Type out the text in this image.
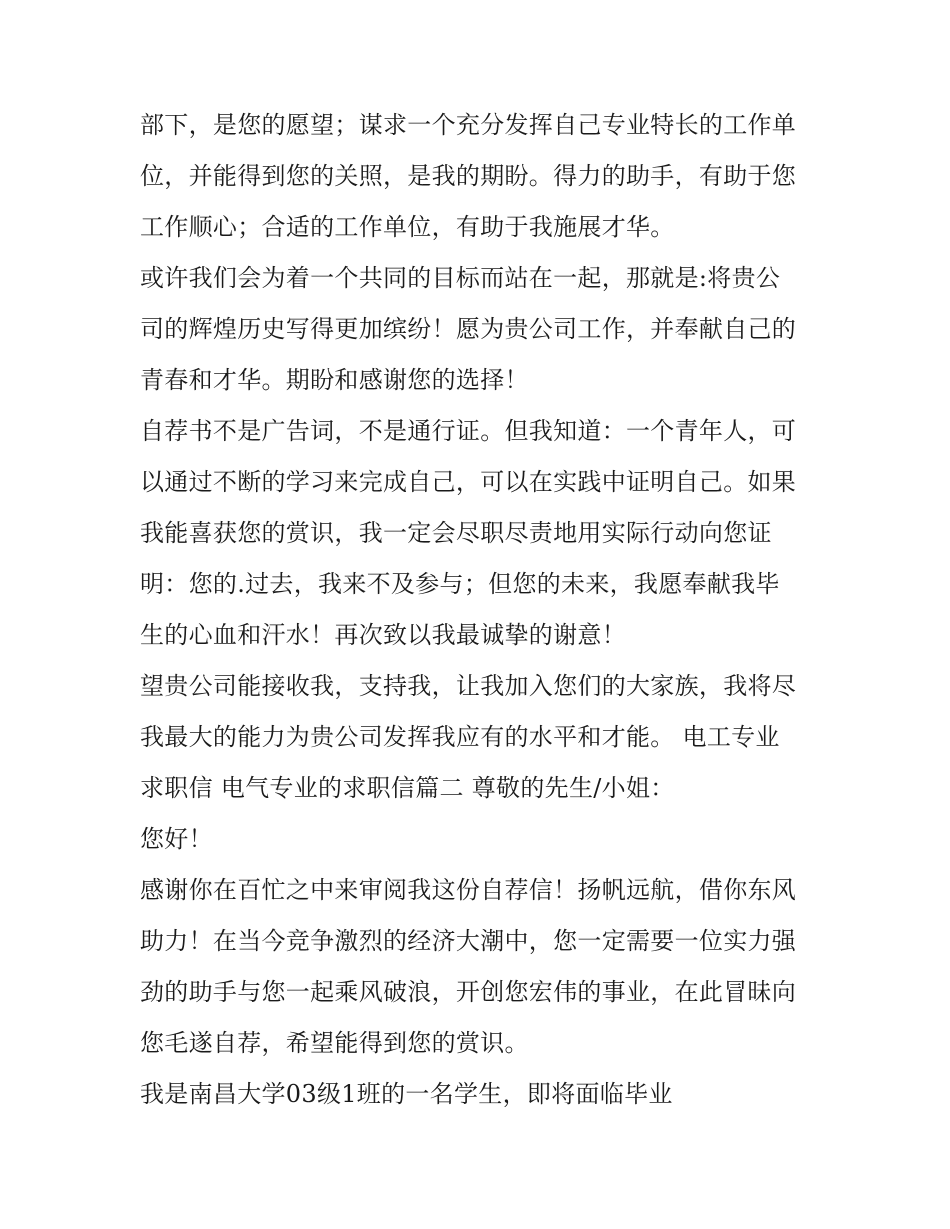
部下，是您的愿望；谋求一个充分发挥自己专业特长的工作单
位，并能得到您的关照，是我的期盼。得力的助手，有助于您
工作顺心；合适的工作单位，有助于我施展才华。
或许我们会为着一个共同的目标而站在一起，那就是:将贵公
司的辉煌历史写得更加缤纷！愿为贵公司工作，并奉献自己的
青春和才华。期盼和感谢您的选择！
自荐书不是广告词，不是通行证。但我知道：一个青年人，可
以通过不断的学习来完成自己，可以在实践中证明自己。如果
我能喜获您的赏识，我一定会尽职尽责地用实际行动向您证
明：您的.过去，我来不及参与；但您的未来，我愿奉献我毕
生的心血和汗水！再次致以我最诚挚的谢意！
望贵公司能接收我，支持我，让我加入您们的大家族，我将尽
我最大的能力为贵公司发挥我应有的水平和才能。 电工专业
求职信 电气专业的求职信篇二 尊敬的先生/小姐：
您好！
感谢你在百忙之中来审阅我这份自荐信！扬帆远航，借你东风
助力！在当今竞争激烈的经济大潮中，您一定需要一位实力强
劲的助手与您一起乘风破浪，开创您宏伟的事业，在此冒昧向
您毛遂自荐，希望能得到您的赏识。
我是南昌大学03级1班的一名学生，即将面临毕业
